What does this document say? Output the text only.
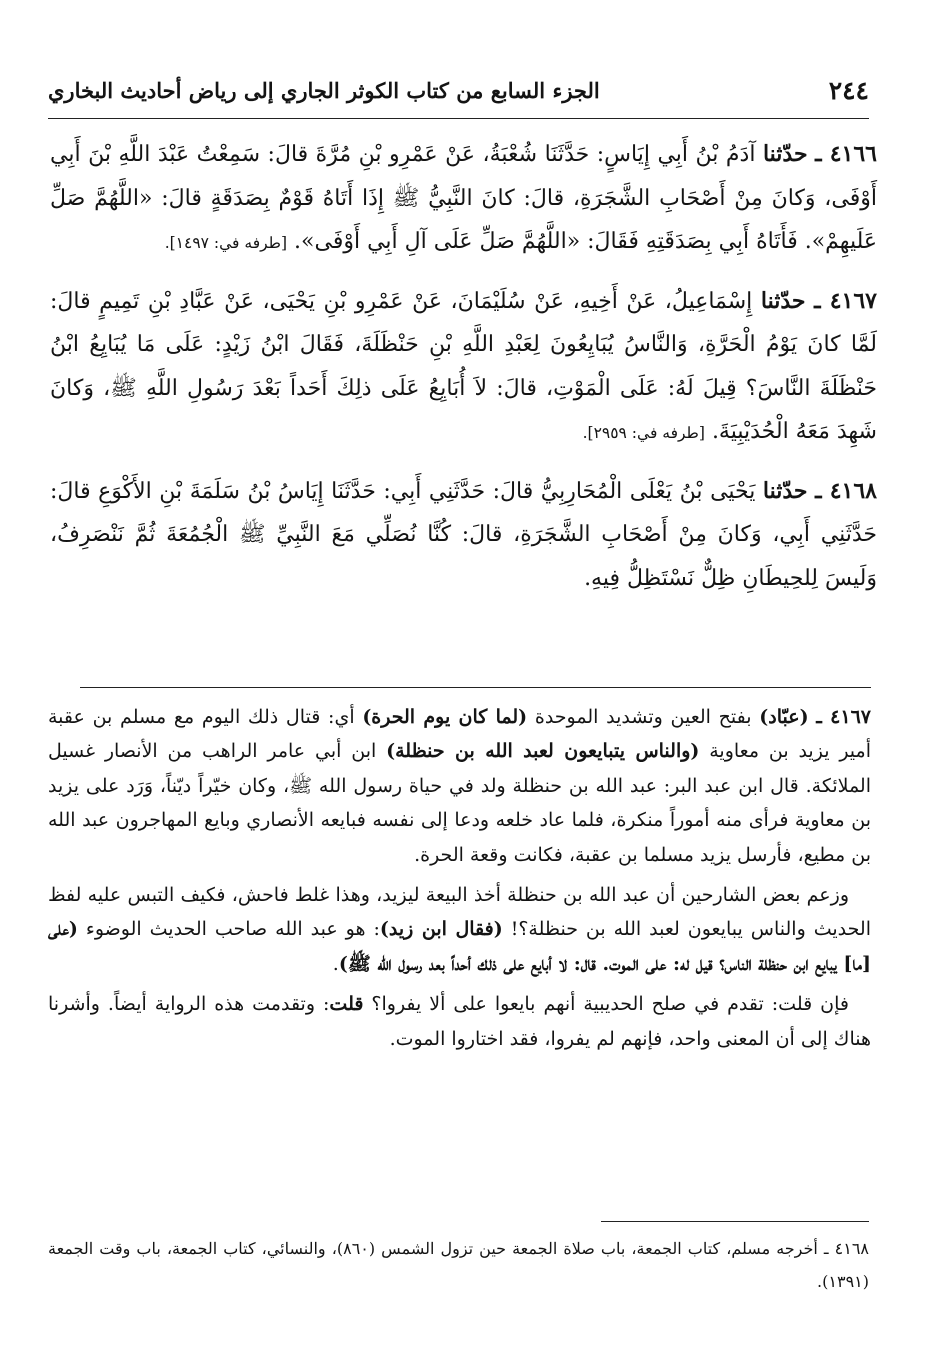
٢٤٤
الجزء السابع من كتاب الكوثر الجاري إلى رياض أحاديث البخاري

٤١٦٦ ـ حدّثنا آدَمُ بْنُ أَبِي إِيَاسٍ: حَدَّثَنَا شُعْبَةُ، عَنْ عَمْرِو بْنِ مُرَّةَ قالَ: سَمِعْتُ عَبْدَ اللَّهِ بْنَ أَبِي أَوْفَى، وَكانَ مِنْ أَصْحَابِ الشَّجَرَةِ، قالَ: كانَ النَّبِيُّ ﷺ إِذَا أَتَاهُ قَوْمٌ بِصَدَقَةٍ قالَ: «اللَّهُمَّ صَلِّ عَلَيهِمْ». فَأَتَاهُ أَبِي بِصَدَقَتِهِ فَقَالَ: «اللَّهُمَّ صَلِّ عَلَى آلِ أَبِي أَوْفَى». [طرفه في: ١٤٩٧].

٤١٦٧ ـ حدّثنا إِسْمَاعِيلُ، عَنْ أَخِيهِ، عَنْ سُلَيْمَانَ، عَنْ عَمْرِو بْنِ يَحْيَى، عَنْ عَبَّادِ بْنِ تَمِيمٍ قالَ: لَمَّا كانَ يَوْمُ الْحَرَّةِ، وَالنَّاسُ يُبَايِعُونَ لِعَبْدِ اللَّهِ بْنِ حَنْظَلَةَ، فَقَالَ ابْنُ زَيْدٍ: عَلَى مَا يُبَايِعُ ابْنُ حَنْظَلَةَ النَّاسَ؟ قِيلَ لَهُ: عَلَى الْمَوْتِ، قالَ: لاَ أُبَايِعُ عَلَى ذلِكَ أَحَداً بَعْدَ رَسُولِ اللَّهِ ﷺ، وَكانَ شَهِدَ مَعَهُ الْحُدَيْبِيَةَ. [طرفه في: ٢٩٥٩].

٤١٦٨ ـ حدّثنا يَحْيَى بْنُ يَعْلَى الْمُحَارِبِيُّ قالَ: حَدَّثَنِي أَبِي: حَدَّثَنَا إِيَاسُ بْنُ سَلَمَةَ بْنِ الأَكْوَعِ قالَ: حَدَّثَنِي أَبِي، وَكانَ مِنْ أَصْحَابِ الشَّجَرَةِ، قالَ: كُنَّا نُصَلِّي مَعَ النَّبِيِّ ﷺ الْجُمُعَةَ ثُمَّ نَنْصَرِفُ، وَلَيسَ لِلحِيطَانِ ظِلٌّ نَسْتَظِلُّ فِيهِ.

٤١٦٧ ـ (عبّاد) بفتح العين وتشديد الموحدة (لما كان يوم الحرة) أي: قتال ذلك اليوم مع مسلم بن عقبة أمير يزيد بن معاوية (والناس يتبايعون لعبد الله بن حنظلة) ابن أبي عامر الراهب من الأنصار غسيل الملائكة. قال ابن عبد البر: عبد الله بن حنظلة ولد في حياة رسول الله ﷺ، وكان خيّراً ديّناً، وَرَد على يزيد بن معاوية فرأى منه أموراً منكرة، فلما عاد خلعه ودعا إلى نفسه فبايعه الأنصاري وبايع المهاجرون عبد الله بن مطيع، فأرسل يزيد مسلما بن عقبة، فكانت وقعة الحرة.

وزعم بعض الشارحين أن عبد الله بن حنظلة أخذ البيعة ليزيد، وهذا غلط فاحش، فكيف التبس عليه لفظ الحديث والناس يبايعون لعبد الله بن حنظلة؟! (فقال ابن زيد): هو عبد الله صاحب الحديث الوضوء (على [ما] يبايع ابن حنظلة الناس؟ قيل له: على الموت. قال: لا أبايع على ذلك أحداً بعد رسول الله ﷺ).

فإن قلت: تقدم في صلح الحديبية أنهم بايعوا على ألا يفروا؟ قلت: وتقدمت هذه الرواية أيضاً. وأشرنا هناك إلى أن المعنى واحد، فإنهم لم يفروا، فقد اختاروا الموت.

٤١٦٨ ـ أخرجه مسلم، كتاب الجمعة، باب صلاة الجمعة حين تزول الشمس (٨٦٠)، والنسائي، كتاب الجمعة، باب وقت الجمعة (١٣٩١).
